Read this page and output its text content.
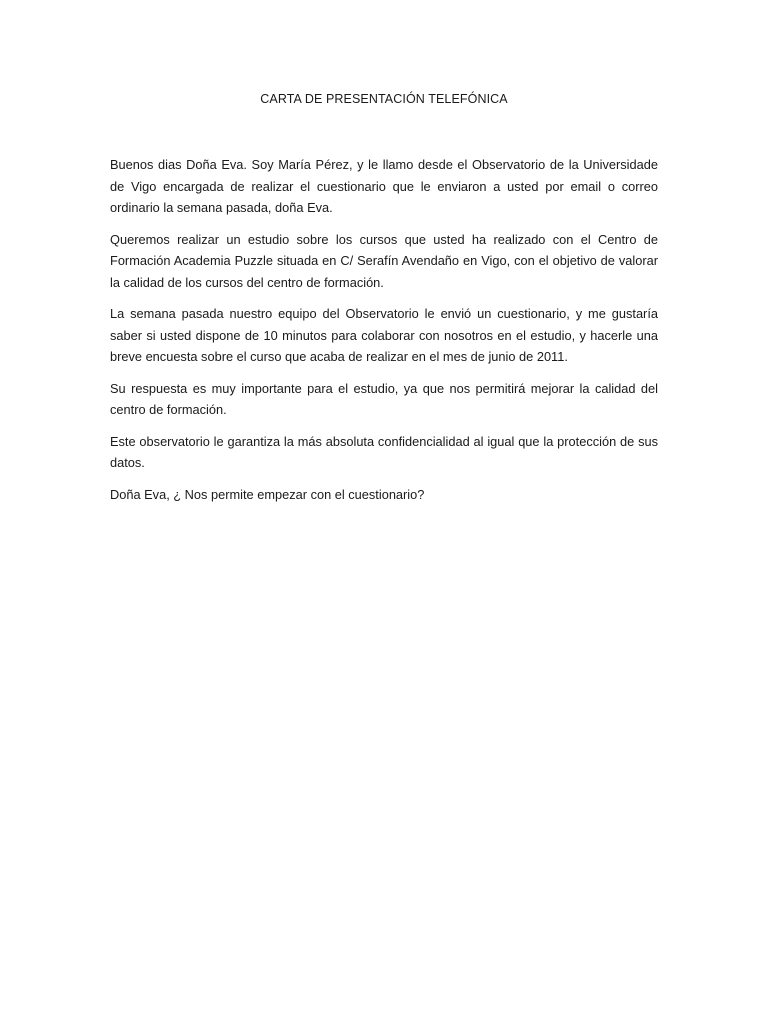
CARTA DE PRESENTACIÓN TELEFÓNICA

Buenos dias Doña Eva. Soy María Pérez, y le llamo desde el Observatorio de la Universidade de Vigo encargada de realizar el cuestionario que le enviaron a usted por email o correo ordinario la semana pasada, doña Eva.

Queremos realizar un estudio sobre los cursos que usted ha realizado con el Centro de Formación Academia Puzzle situada en C/ Serafín Avendaño en Vigo, con el objetivo de valorar la calidad de los cursos del centro de formación.

La semana pasada nuestro equipo del Observatorio le envió un cuestionario, y me gustaría saber si usted dispone de 10 minutos para colaborar con nosotros en el estudio, y hacerle una breve encuesta sobre el curso que acaba de realizar en el mes de junio de 2011.

Su respuesta es muy importante para el estudio, ya que nos permitirá mejorar la calidad del centro de formación.

Este observatorio le garantiza la más absoluta confidencialidad al igual que la protección de sus datos.

Doña Eva, ¿ Nos permite empezar con el cuestionario?
